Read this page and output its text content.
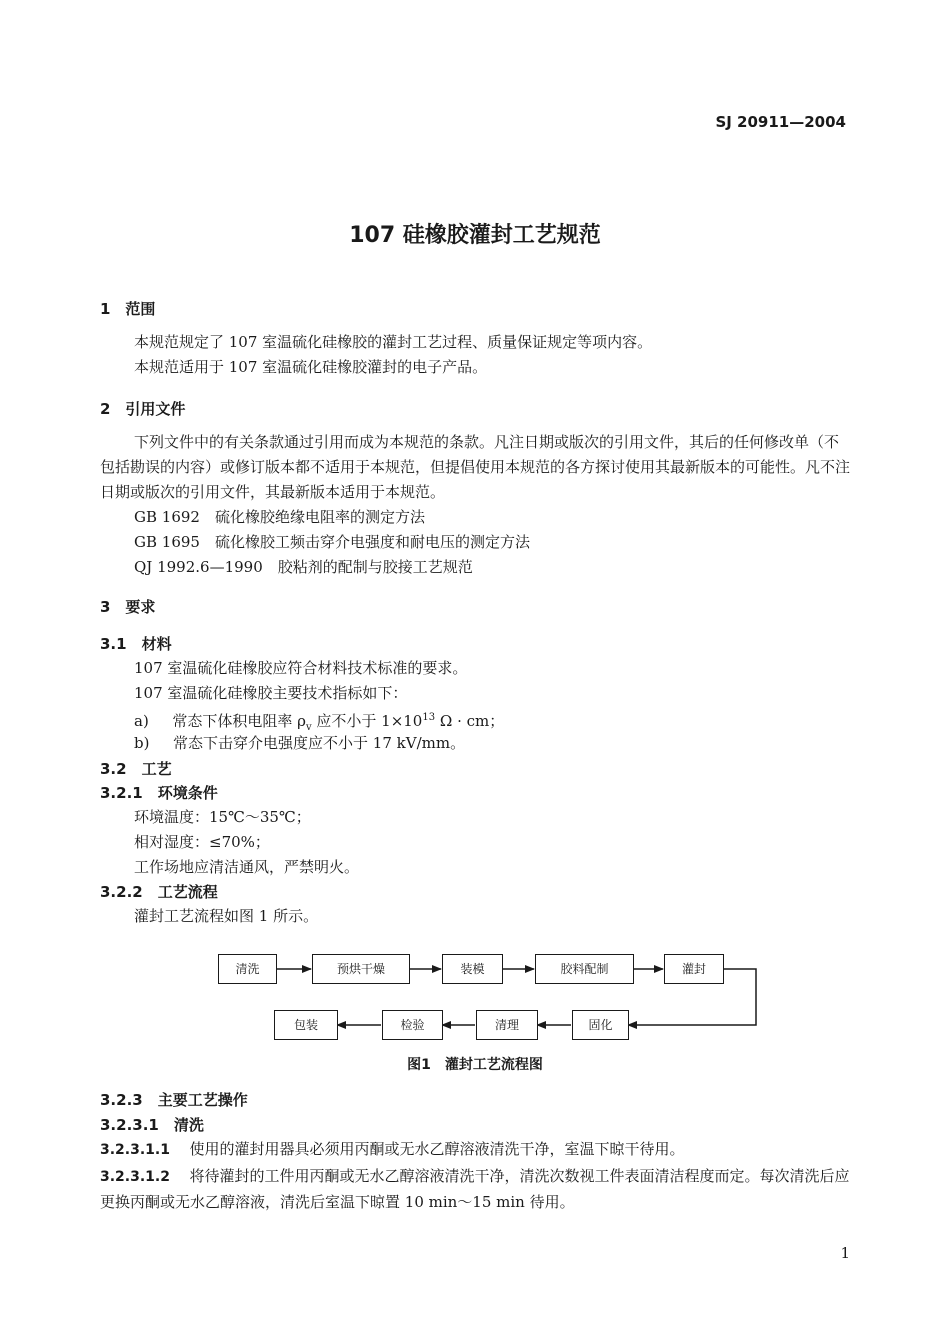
SJ 20911—2004
107 硅橡胶灌封工艺规范
1　范围
本规范规定了 107 室温硫化硅橡胶的灌封工艺过程、质量保证规定等项内容。
本规范适用于 107 室温硫化硅橡胶灌封的电子产品。
2　引用文件
下列文件中的有关条款通过引用而成为本规范的条款。凡注日期或版次的引用文件，其后的任何修改单（不包括勘误的内容）或修订版本都不适用于本规范，但提倡使用本规范的各方探讨使用其最新版本的可能性。凡不注日期或版次的引用文件，其最新版本适用于本规范。
GB 1692　硫化橡胶绝缘电阻率的测定方法
GB 1695　硫化橡胶工频击穿介电强度和耐电压的测定方法
QJ 1992.6—1990　胶粘剂的配制与胶接工艺规范
3　要求
3.1　材料
107 室温硫化硅橡胶应符合材料技术标准的要求。
107 室温硫化硅橡胶主要技术指标如下：
a) 常态下体积电阻率 $\rho_v$ 应不小于 $1\times 10^{13}$ Ω · cm；
b) 常态下击穿介电强度应不小于 17 kV/mm。
3.2　工艺
3.2.1　环境条件
环境温度：15℃～35℃；
相对湿度：≤70%；
工作场地应清洁通风，严禁明火。
3.2.2　工艺流程
灌封工艺流程如图 1 所示。
清洗	预烘干燥	装模	胶料配制	灌封
固化
清理
检验
包装
图1　灌封工艺流程图
3.2.3　主要工艺操作
3.2.3.1　清洗
3.2.3.1.1 使用的灌封用器具必须用丙酮或无水乙醇溶液清洗干净，室温下晾干待用。
3.2.3.1.2 将待灌封的工件用丙酮或无水乙醇溶液清洗干净，清洗次数视工件表面清洁程度而定。每次清洗后应更换丙酮或无水乙醇溶液，清洗后室温下晾置 10 min～15 min 待用。
1
